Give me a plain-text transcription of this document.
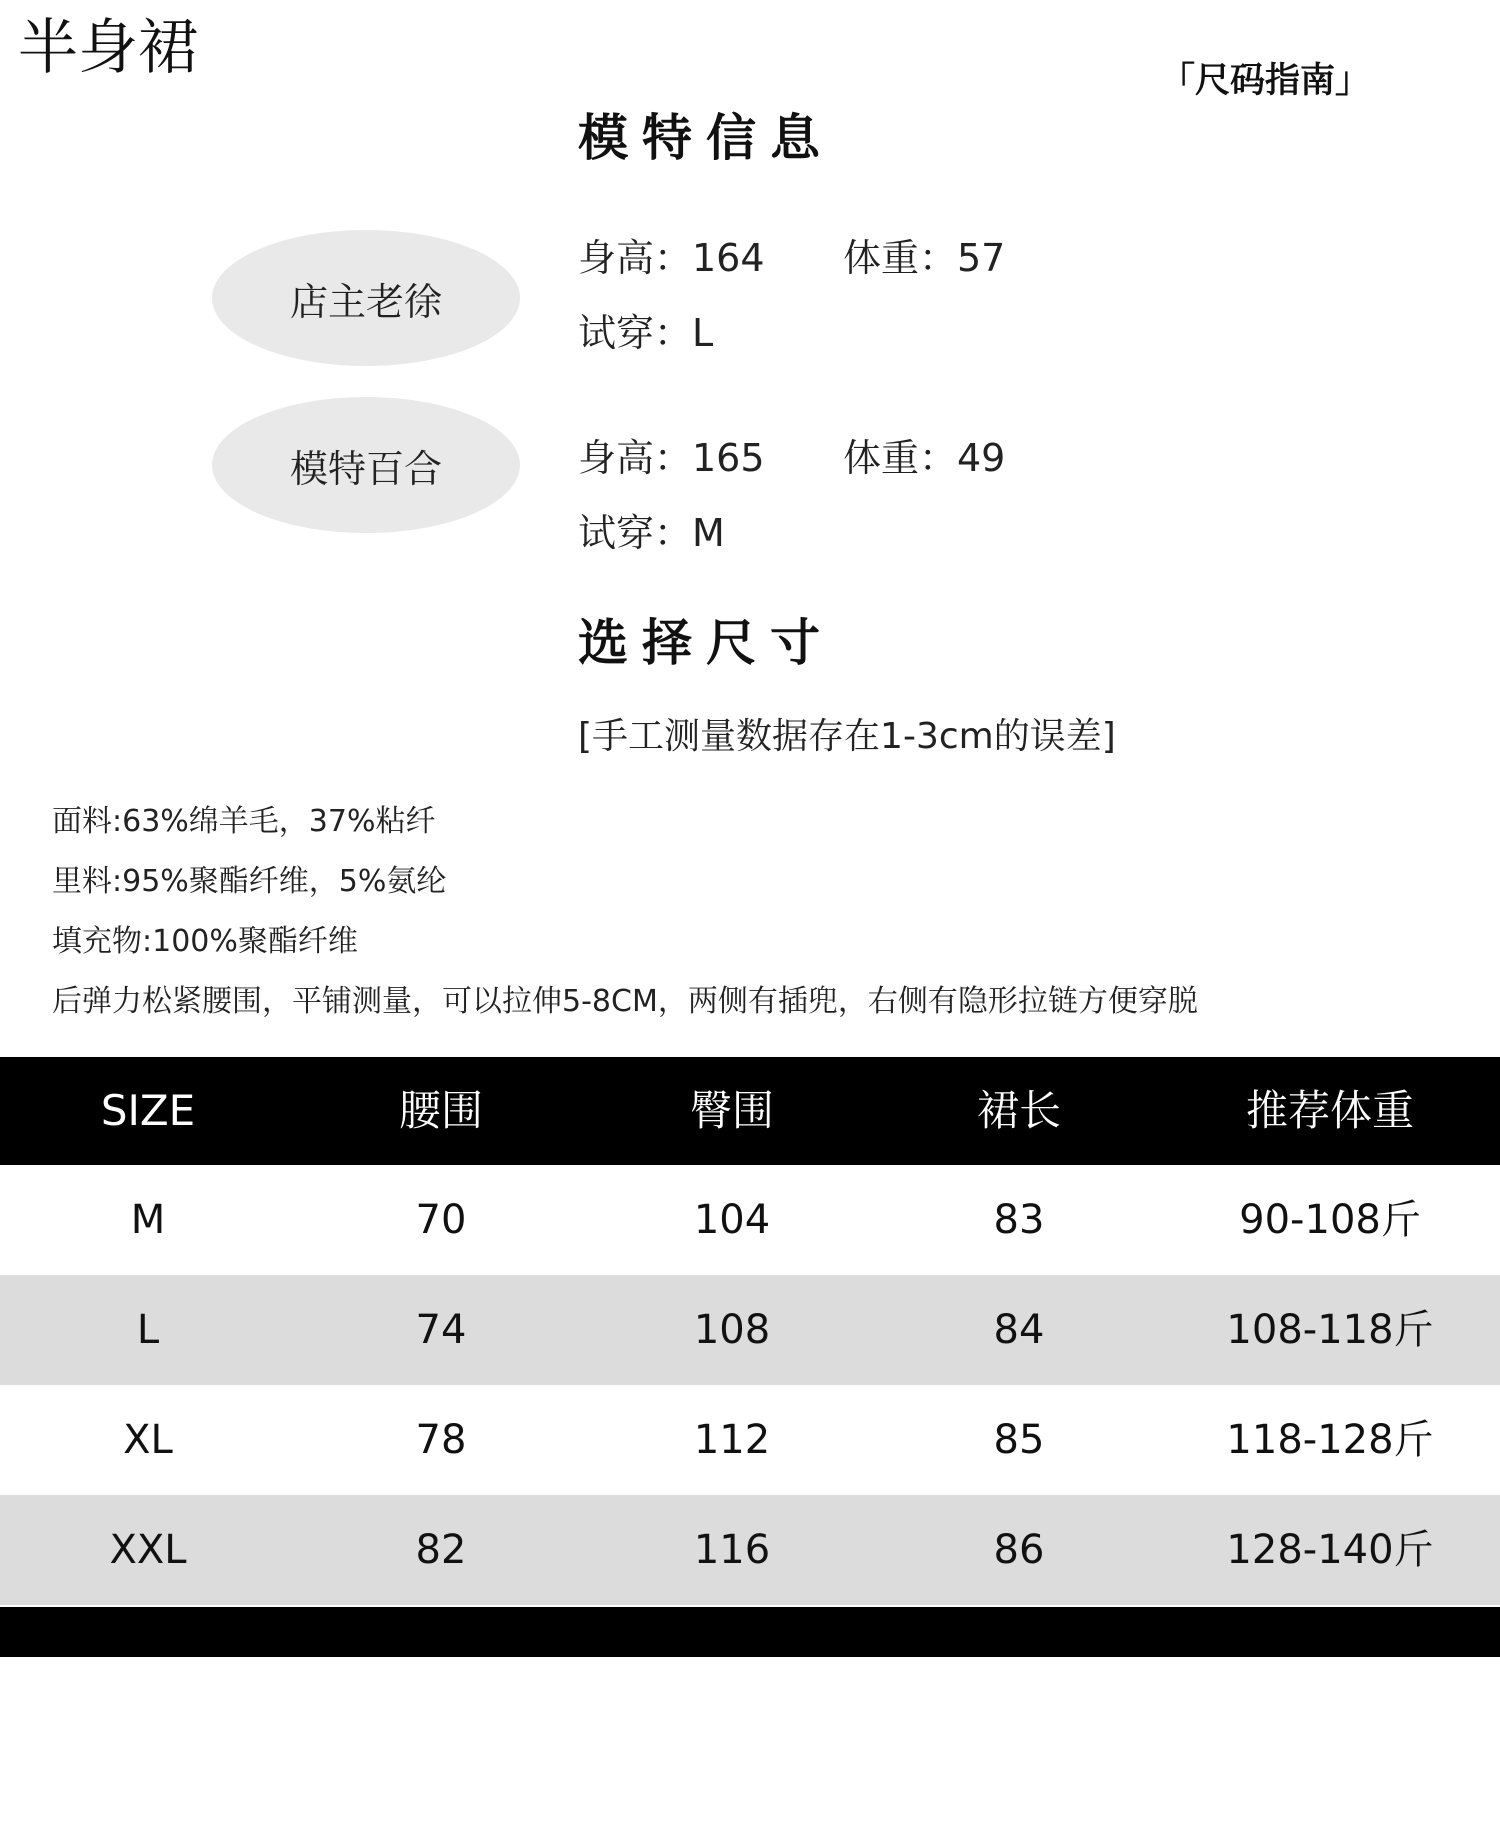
半身裙	「尺码指南」
模特信息
店主老徐
身高：164 体重：57
试穿：L
模特百合	身高：165 体重：49
试穿：M
选择尺寸
[手工测量数据存在1-3cm的误差]
面料:63%绵羊毛，37%粘纤
里料:95%聚酯纤维，5%氨纶
填充物:100%聚酯纤维
后弹力松紧腰围，平铺测量，可以拉伸5-8CM，两侧有插兜，右侧有隐形拉链方便穿脱
SIZE	腰围	臀围	裙长	推荐体重
M	70	104	83	90-108斤
L	74	108	84	108-118斤
XL	78	112	85	118-128斤
XXL	82	116	86	128-140斤
